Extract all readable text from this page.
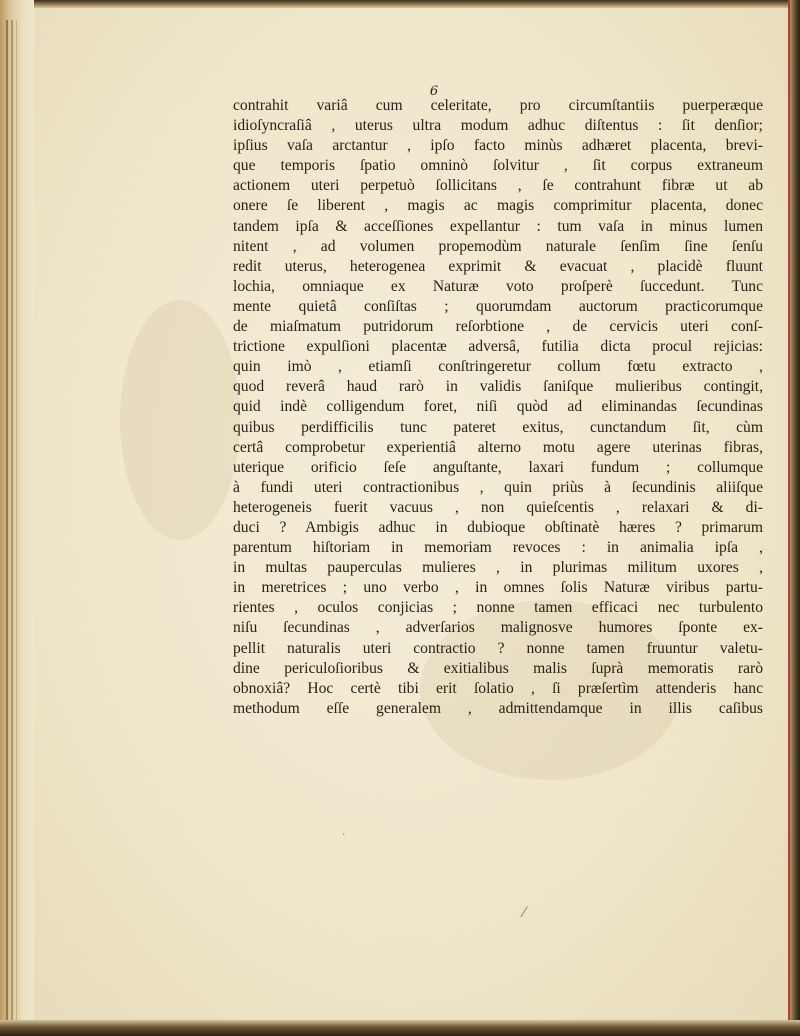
6
contrahit variâ cum celeritate, pro circumſtantiis puerperæque
idioſyncraſiâ , uterus ultra modum adhuc diſtentus : ſit denſior;
ipſius vaſa arctantur , ipſo facto minùs adhæret placenta, brevi-
que temporis ſpatio omninò ſolvitur , ſit corpus extraneum
actionem uteri perpetuò ſollicitans , ſe contrahunt fibræ ut ab
onere ſe liberent , magis ac magis comprimitur placenta, donec
tandem ipſa & acceſſiones expellantur : tum vaſa in minus lumen
nitent , ad volumen propemodùm naturale ſenſim ſine ſenſu
redit uterus, heterogenea exprimit & evacuat , placidè fluunt
lochia, omniaque ex Naturæ voto proſperè ſuccedunt. Tunc
mente quietâ conſiſtas ; quorumdam auctorum practicorumque
de miaſmatum putridorum reſorbtione , de cervicis uteri conſ-
trictione expulſioni placentæ adversâ, futilia dicta procul rejicias:
quin imò , etiamſi conſtringeretur collum fœtu extracto ,
quod reverâ haud rarò in validis ſaniſque mulieribus contingit,
quid indè colligendum foret, niſi quòd ad eliminandas ſecundinas
quibus perdifficilis tunc pateret exitus, cunctandum ſit, cùm
certâ comprobetur experientiâ alterno motu agere uterinas fibras,
uterique orificio ſeſe anguſtante, laxari fundum ; collumque
à fundi uteri contractionibus , quin priùs à ſecundinis aliiſque
heterogeneis fuerit vacuus , non quieſcentis , relaxari & di-
duci ? Ambigis adhuc in dubioque obſtinatè hæres ? primarum
parentum hiſtoriam in memoriam revoces : in animalia ipſa ,
in multas pauperculas mulieres , in plurimas militum uxores ,
in meretrices ; uno verbo , in omnes ſolis Naturæ viribus partu-
rientes , oculos conjicias ; nonne tamen efficaci nec turbulento
niſu ſecundinas , adverſarios malignosve humores ſponte ex-
pellit naturalis uteri contractio ? nonne tamen fruuntur valetu-
dine periculoſioribus & exitialibus malis ſuprà memoratis rarò
obnoxiâ? Hoc certè tibi erit ſolatio , ſi præſertìm attenderis hanc
methodum eſſe generalem , admittendamque in illis caſibus
⁄
·
